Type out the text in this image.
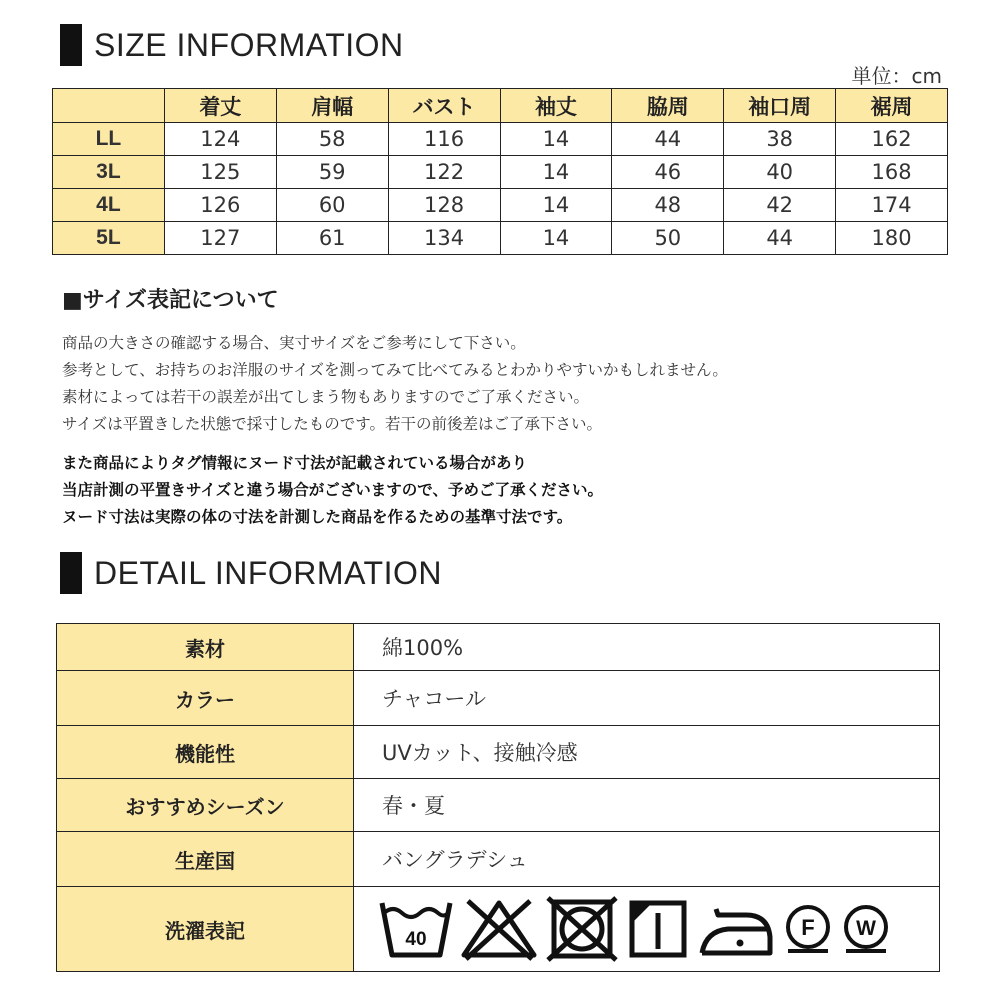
SIZE INFORMATION
単位：cm
	着丈	肩幅	バスト	袖丈	脇周	袖口周	裾周
LL	124	58	116	14	44	38	162
3L	125	59	122	14	46	40	168
4L	126	60	128	14	48	42	174
5L	127	61	134	14	50	44	180
■サイズ表記について
商品の大きさの確認する場合、実寸サイズをご参考にして下さい。
参考として、お持ちのお洋服のサイズを測ってみて比べてみるとわかりやすいかもしれません。
素材によっては若干の誤差が出てしまう物もありますのでご了承ください。
サイズは平置きした状態で採寸したものです。若干の前後差はご了承下さい。
また商品によりタグ情報にヌード寸法が記載されている場合があり
当店計測の平置きサイズと違う場合がございますので、予めご了承ください。
ヌード寸法は実際の体の寸法を計測した商品を作るための基準寸法です。
DETAIL INFORMATION
素材	綿100%
カラー	チャコール
機能性	UVカット、接触冷感
おすすめシーズン	春・夏
生産国	バングラデシュ
洗濯表記	40 F W
